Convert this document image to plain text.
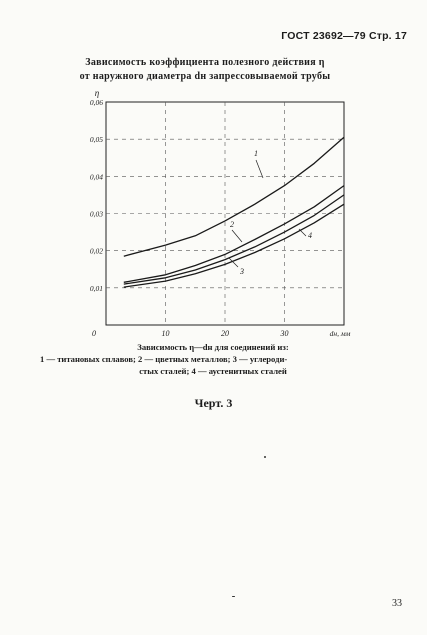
ГОСТ 23692—79 Стр. 17
Зависимость коэффициента полезного действия η
от наружного диаметра dн запрессовываемой трубы
10	20	30
0,01
0,02
0,03
0,04
0,05
0,06
0
η
dн, мм
1
2
3
4
Зависимость η—dн для соединений из:
1 — титановых сплавов; 2 — цветных металлов; 3 — углероди-
стых сталей; 4 — аустенитных сталей
Черт. 3
33
